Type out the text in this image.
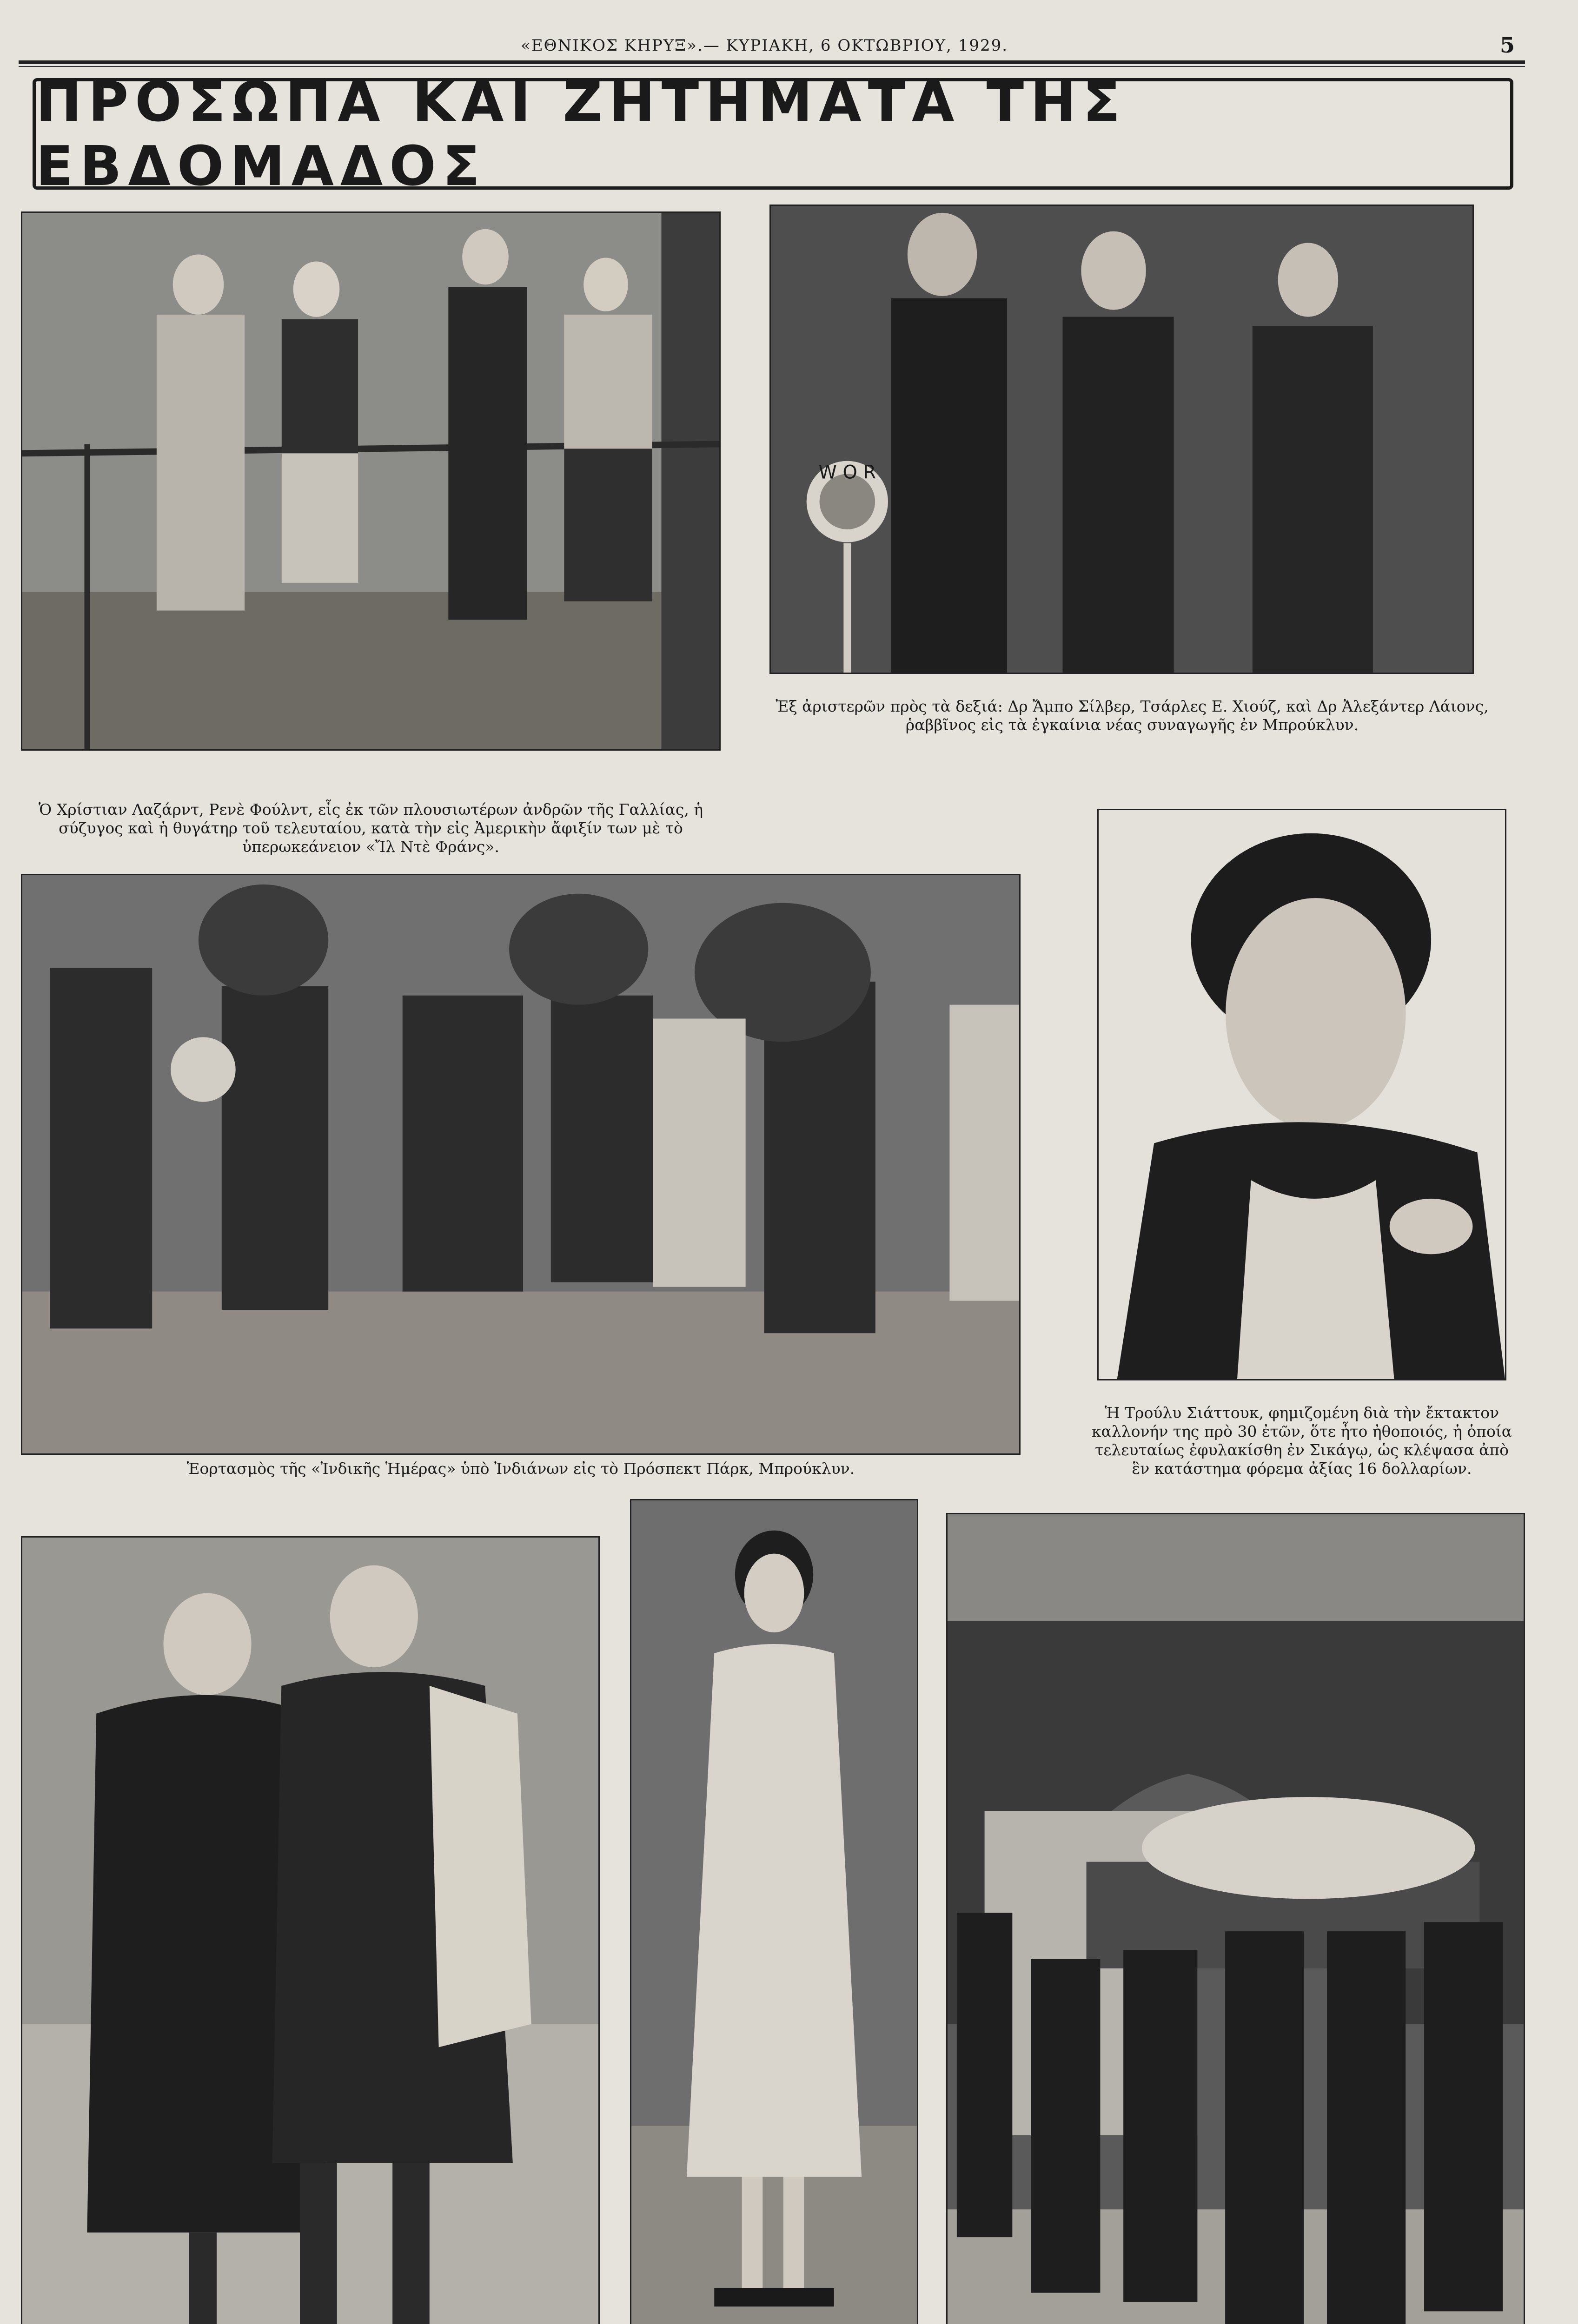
«ΕΘΝΙΚΟΣ ΚΗΡΥΞ».— ΚΥΡΙΑΚΗ, 6 ΟΚΤΩΒΡΙΟΥ, 1929.	5
ΠΡΟΣΩΠΑ ΚΑΙ ΖΗΤΗΜΑΤΑ ΤΗΣ ΕΒΔΟΜΑΔΟΣ
Ὁ Χρίστιαν Λαζάρντ, Ρενὲ Φούλντ, εἷς ἐκ τῶν πλουσιωτέρων ἀνδρῶν τῆς Γαλλίας, ἡ σύζυγος καὶ ἡ θυγάτηρ τοῦ τελευταίου, κατὰ τὴν εἰς Ἀμερικὴν ἄφιξίν των μὲ τὸ ὑπερωκεάνειον «Ἴλ Ντὲ Φράνς».
W O R
Ἐξ ἀριστερῶν πρὸς τὰ δεξιά: Δρ Ἄμπο Σίλβερ, Τσάρλες Ε. Χιούζ, καὶ Δρ Ἀλεξάντερ Λάιονς, ῥαββῖνος εἰς τὰ ἐγκαίνια νέας συναγωγῆς ἐν Μπρούκλυν.
Ἑορτασμὸς τῆς «Ἰνδικῆς Ἡμέρας» ὑπὸ Ἰνδιάνων εἰς τὸ Πρόσπεκτ Πάρκ, Μπρούκλυν.
Ἡ Τρούλυ Σιάττουκ, φημιζομένη διὰ τὴν ἔκτακτον καλλονήν της πρὸ 30 ἐτῶν, ὅτε ἦτο ἠθοποιός, ἡ ὁποία τελευταίως ἐφυλακίσθη ἐν Σικάγῳ, ὡς κλέψασα ἀπὸ ἓν κατάστημα φόρεμα ἀξίας 16 δολλαρίων.
